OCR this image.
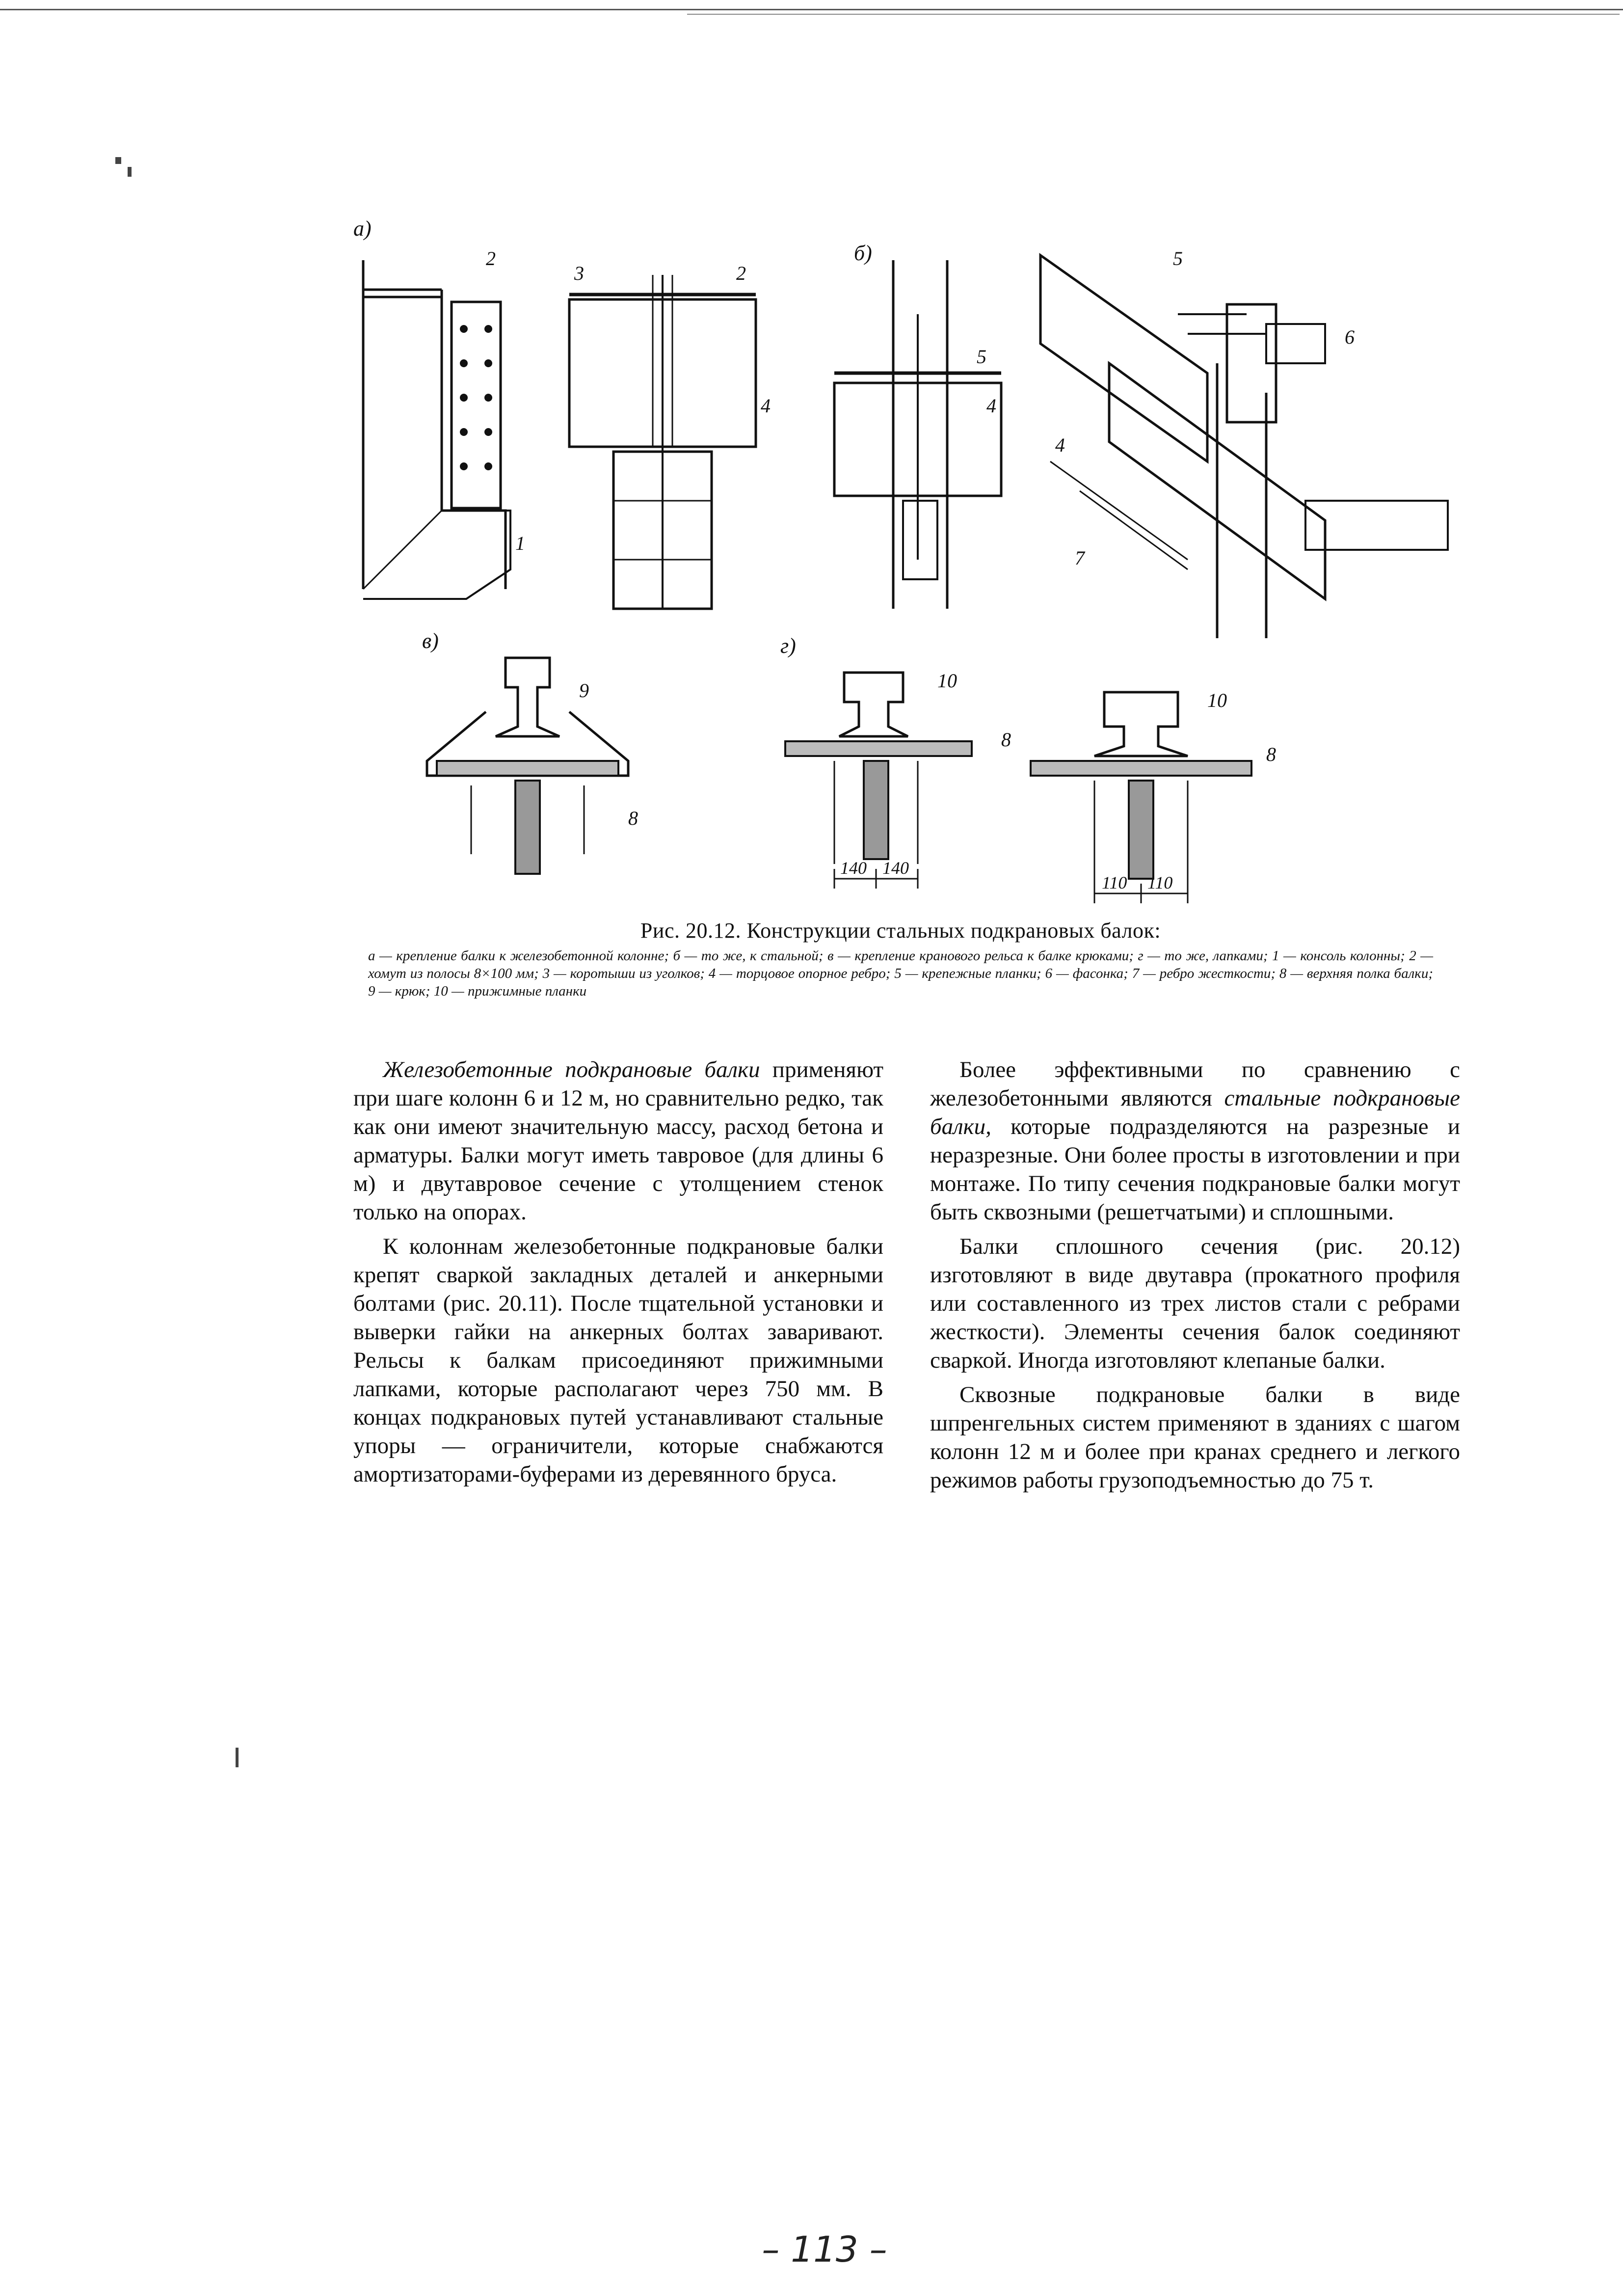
а)
б)
в)	г)
1
2
2
3
4	4
4
5
5
6
7
8
8
8
9	10
10
140 140
110 110

Рис. 20.12. Конструкции стальных подкрановых балок:

а — крепление балки к железобетонной колонне; б — то же, к стальной; в — крепление кранового рельса к балке крюками; г — то же, лапками; 1 — консоль колонны; 2 — хомут из полосы 8×100 мм; 3 — коротыши из уголков; 4 — торцовое опорное ребро; 5 — крепежные планки; 6 — фасонка; 7 — ребро жесткости; 8 — верхняя полка балки; 9 — крюк; 10 — прижимные планки

Железобетонные подкрановые балки применяют при шаге колонн 6 и 12 м, но сравнительно редко, так как они имеют значительную массу, расход бетона и арматуры. Балки могут иметь тавровое (для длины 6 м) и двутавровое сечение с утолщением стенок только на опорах.

К колоннам железобетонные подкрановые балки крепят сваркой закладных деталей и анкерными болтами (рис. 20.11). После тщательной установки и выверки гайки на анкерных болтах заваривают. Рельсы к балкам присоединяют прижимными лапками, которые располагают через 750 мм. В концах подкрановых путей устанавливают стальные упоры — ограничители, которые снабжаются амортизаторами-буферами из деревянного бруса.

Более эффективными по сравнению с железобетонными являются стальные подкрановые балки, которые подразделяются на разрезные и неразрезные. Они более просты в изготовлении и при монтаже. По типу сечения подкрановые балки могут быть сквозными (решетчатыми) и сплошными.

Балки сплошного сечения (рис. 20.12) изготовляют в виде двутавра (прокатного профиля или составленного из трех листов стали с ребрами жесткости). Элементы сечения балок соединяют сваркой. Иногда изготовляют клепаные балки.

Сквозные подкрановые балки в виде шпренгельных систем применяют в зданиях с шагом колонн 12 м и более при кранах среднего и легкого режимов работы грузоподъемностью до 75 т.

– 113 –
